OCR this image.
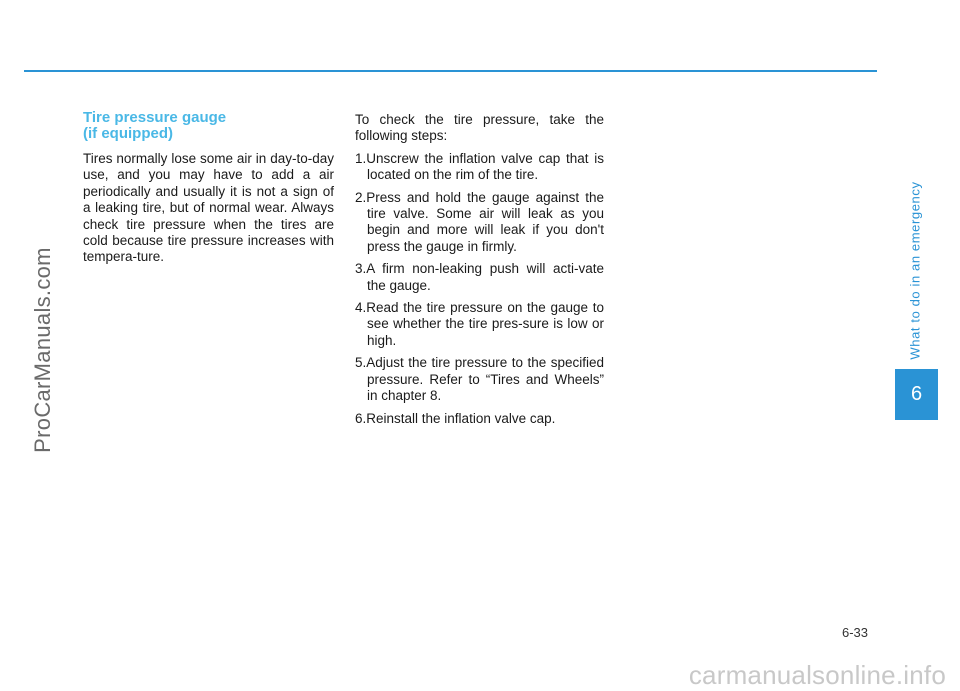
Tire pressure gauge
(if equipped)

Tires normally lose some air in day-to-day use, and you may have to add a air periodically and usually it is not a sign of a leaking tire, but of normal wear. Always check tire pressure when the tires are cold because tire pressure increases with tempera-ture.

To check the tire pressure, take the following steps:

1.Unscrew the inflation valve cap that is located on the rim of the tire.
2.Press and hold the gauge against the tire valve. Some air will leak as you begin and more will leak if you don't press the gauge in firmly.
3.A firm non-leaking push will acti-vate the gauge.
4.Read the tire pressure on the gauge to see whether the tire pres-sure is low or high.
5.Adjust the tire pressure to the specified pressure. Refer to “Tires and Wheels” in chapter 8.
6.Reinstall the inflation valve cap.
What to do in an emergency
6
6-33
ProCarManuals.com
carmanualsonline.info
